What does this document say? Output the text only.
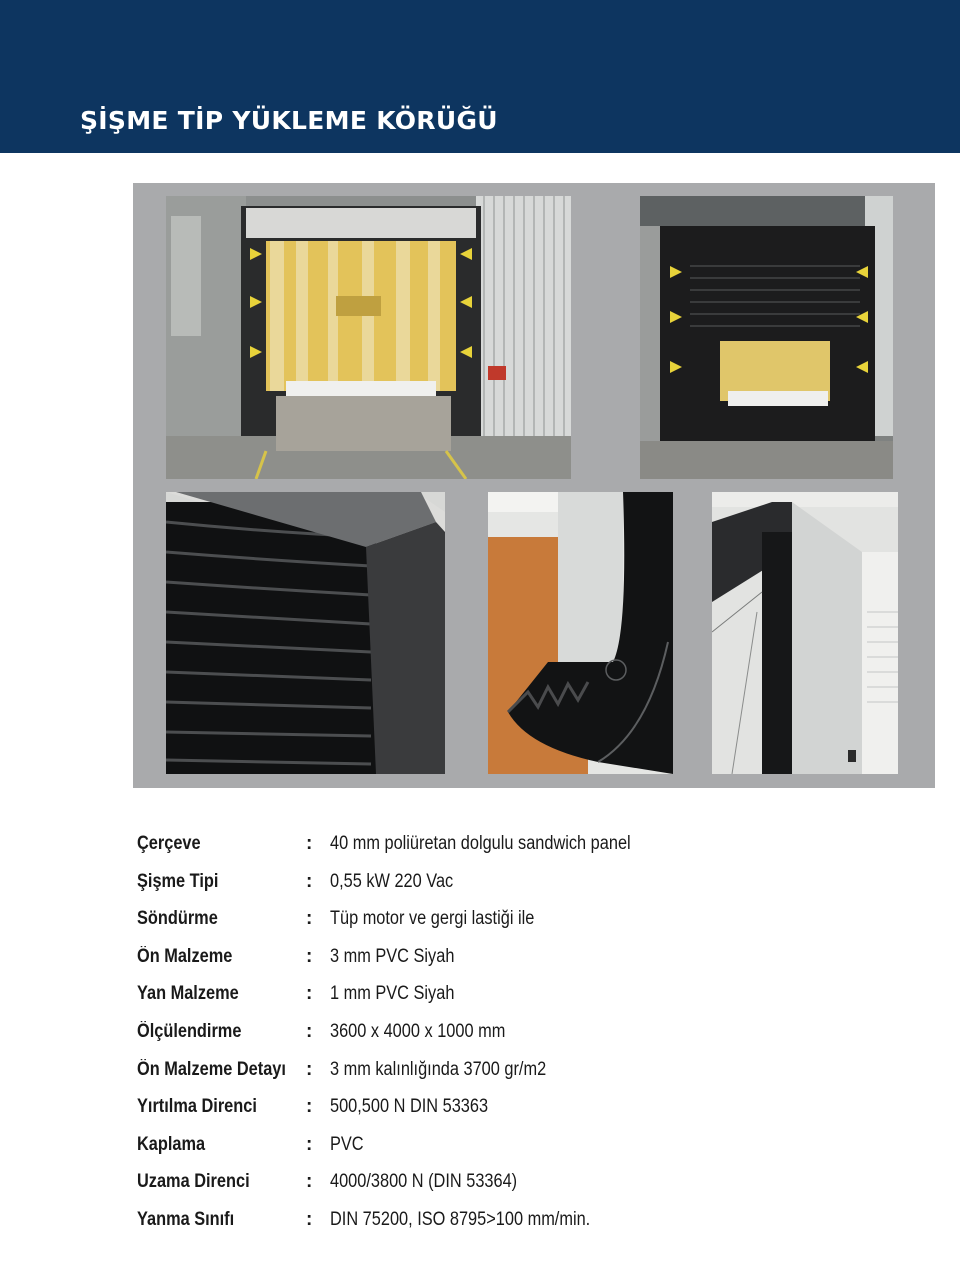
ŞİŞME TİP YÜKLEME KÖRÜĞÜ
Çerçeve	: 40 mm poliüretan dolgulu sandwich panel
Şişme Tipi	: 0,55 kW 220 Vac
Söndürme	: Tüp motor ve gergi lastiği ile
Ön Malzeme	: 3 mm PVC Siyah
Yan Malzeme	: 1 mm PVC Siyah
Ölçülendirme	: 3600 x 4000 x 1000 mm
Ön Malzeme Detayı : 3 mm kalınlığında 3700 gr/m2
Yırtılma Direnci	: 500,500 N DIN 53363
Kaplama	: PVC
Uzama Direnci	: 4000/3800 N (DIN 53364)
Yanma Sınıfı	: DIN 75200, ISO 8795>100 mm/min.
